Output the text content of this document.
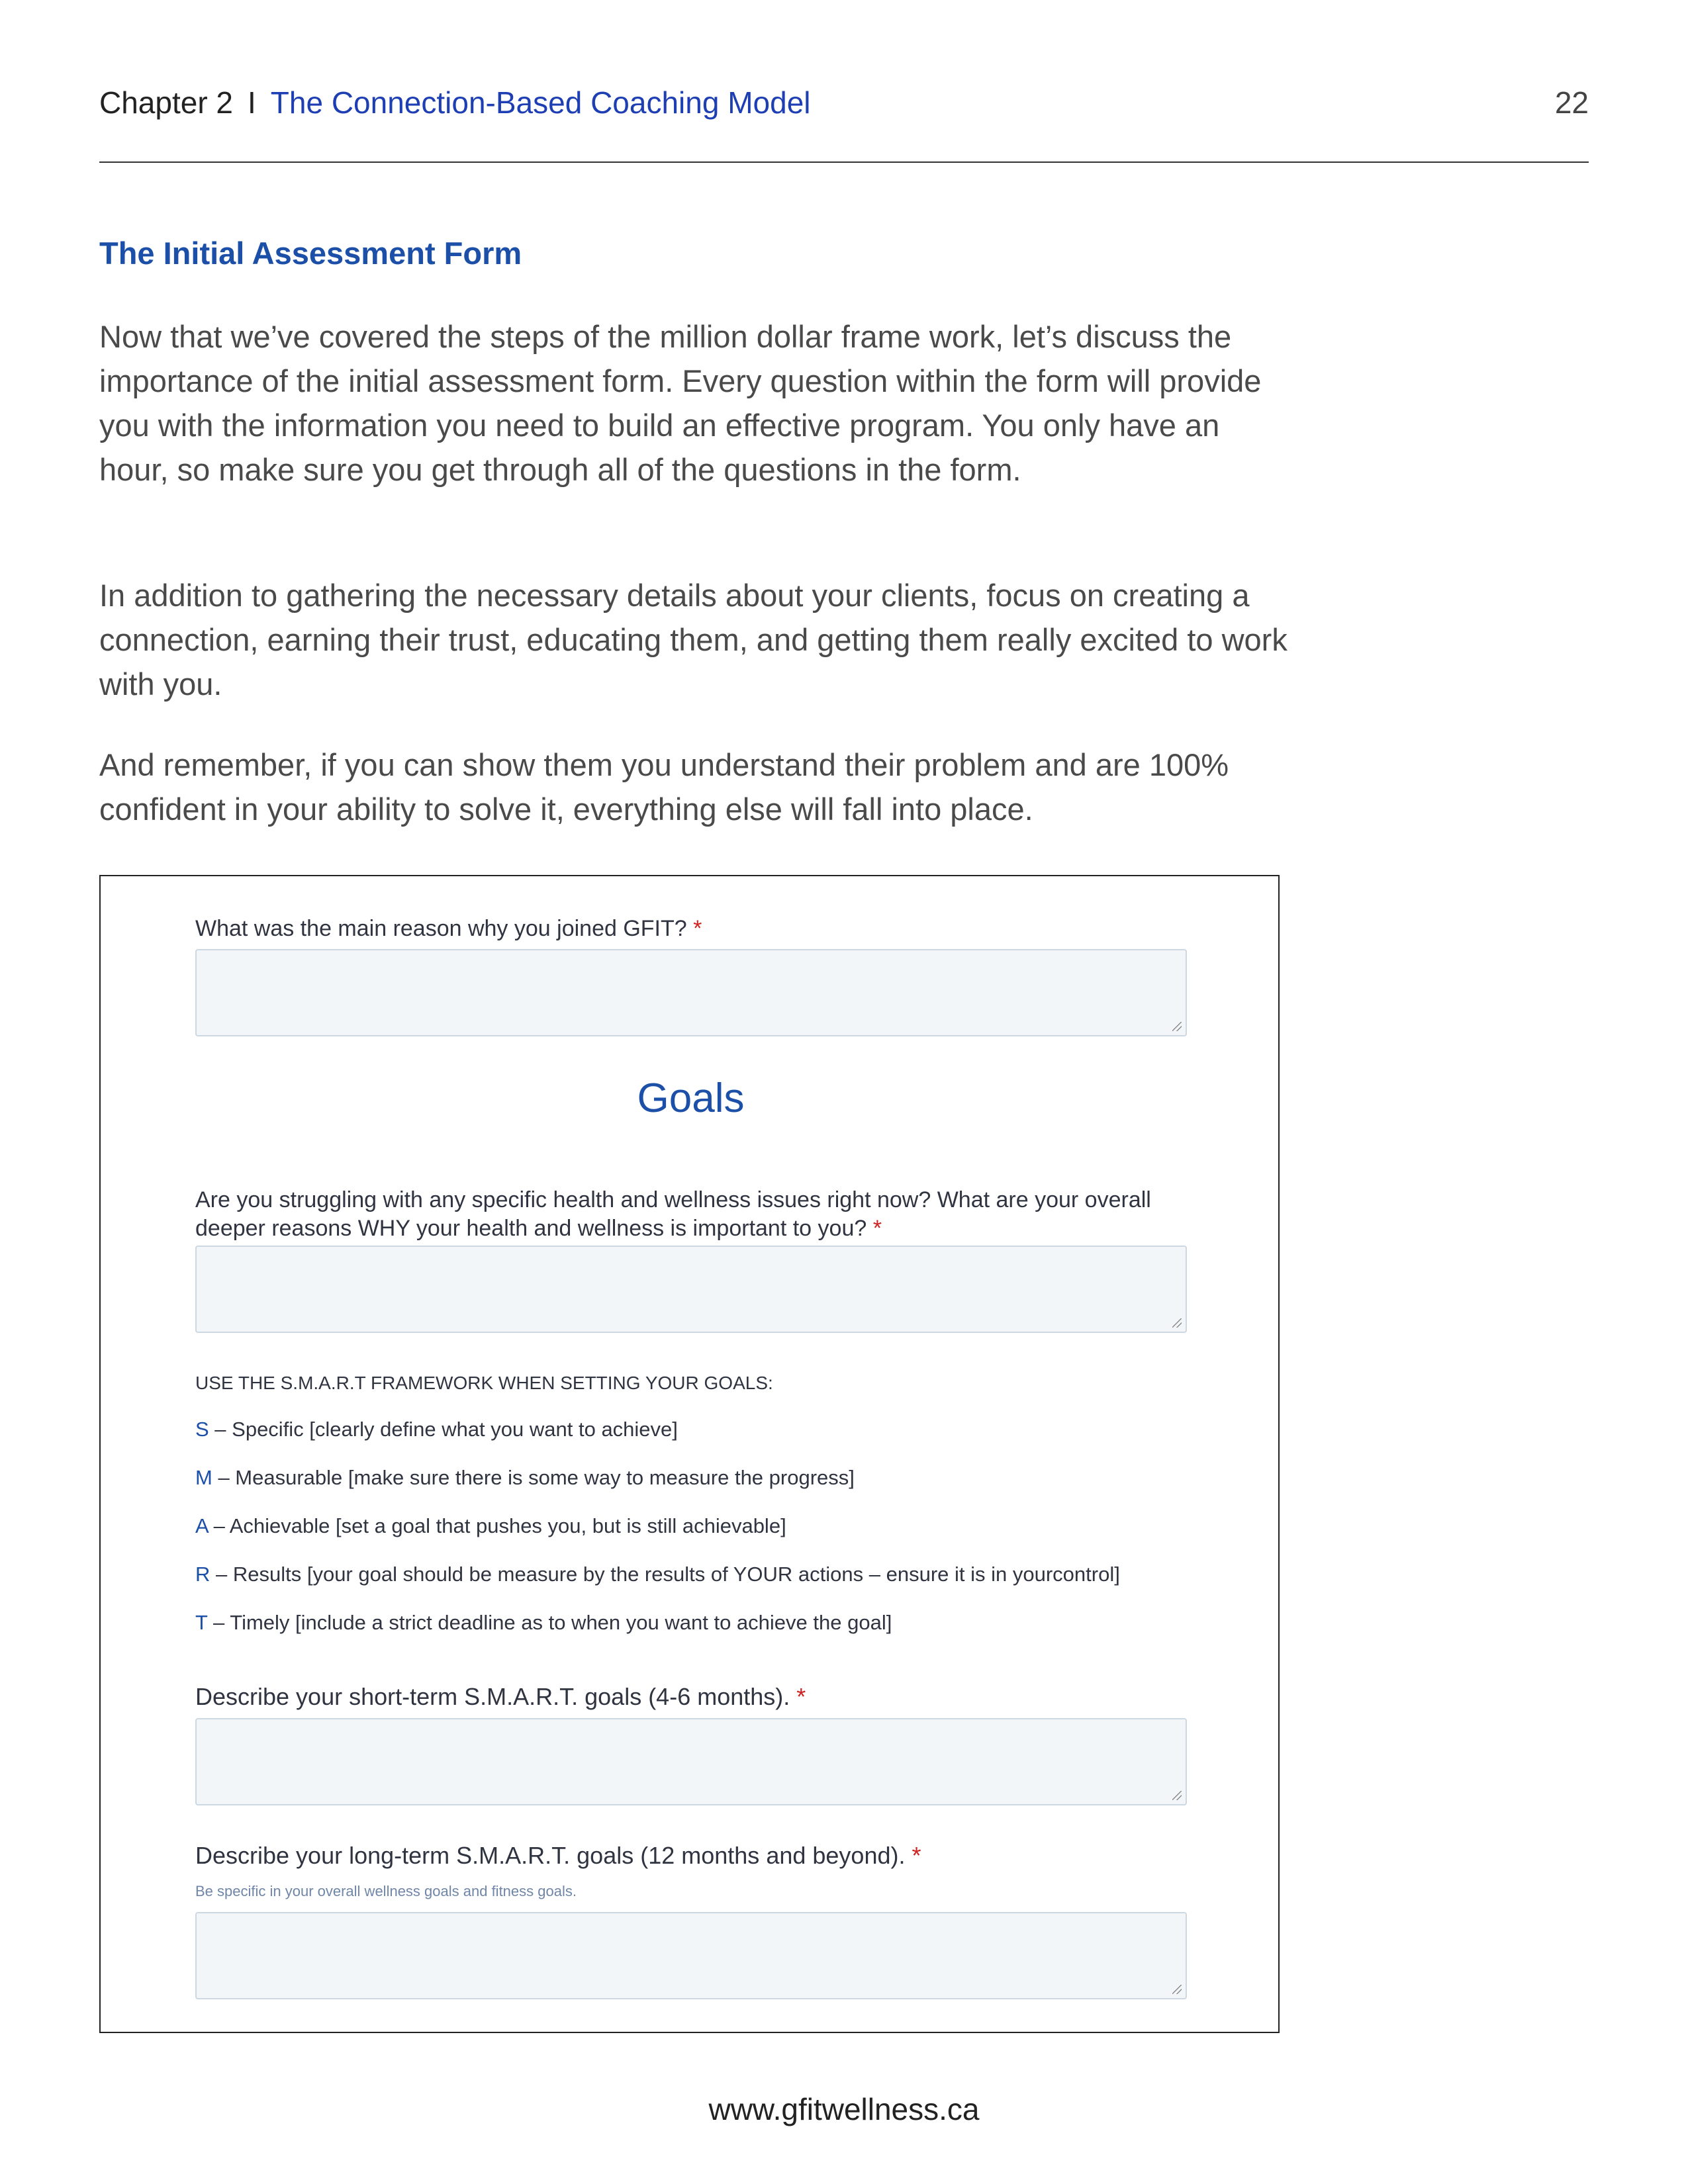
Chapter 2 I The Connection-Based Coaching Model	22
The Initial Assessment Form

Now that we’ve covered the steps of the million dollar frame work, let’s discuss the importance of the initial assessment form. Every question within the form will provide you with the information you need to build an effective program. You only have an hour, so make sure you get through all of the questions in the form.

In addition to gathering the necessary details about your clients, focus on creating a connection, earning their trust, educating them, and getting them really excited to work with you.

And remember, if you can show them you understand their problem and are 100% confident in your ability to solve it, everything else will fall into place.

What was the main reason why you joined GFIT? *

Goals

Are you struggling with any specific health and wellness issues right now? What are your overall deeper reasons WHY your health and wellness is important to you? *

USE THE S.M.A.R.T FRAMEWORK WHEN SETTING YOUR GOALS:

S – Specific [clearly define what you want to achieve]

M – Measurable [make sure there is some way to measure the progress]

A – Achievable [set a goal that pushes you, but is still achievable]

R – Results [your goal should be measure by the results of YOUR actions – ensure it is in yourcontrol]

T – Timely [include a strict deadline as to when you want to achieve the goal]

Describe your short-term S.M.A.R.T. goals (4-6 months). *

Describe your long-term S.M.A.R.T. goals (12 months and beyond). *

Be specific in your overall wellness goals and fitness goals.

www.gfitwellness.ca
